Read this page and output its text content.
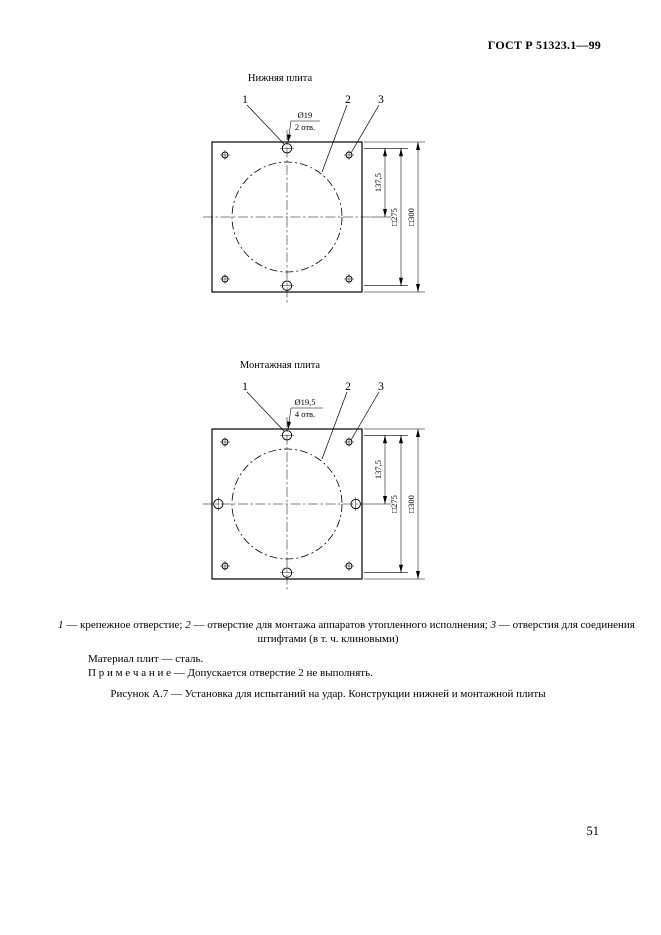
ГОСТ Р 51323.1—99
Нижняя плита
1	2 3
Ø19
2 отв.
137,5
□275 □300
Монтажная плита
1	2 3
Ø19,5
4 отв.
137,5
□275 □300
1 — крепежное отверстие; 2 — отверстие для монтажа аппаратов утопленного исполнения; 3 — отверстия для соединения
штифтами (в т. ч. клиновыми)
Материал плит — сталь.
П р и м е ч а н и е — Допускается отверстие 2 не выполнять.
Рисунок А.7 — Установка для испытаний на удар. Конструкции нижней и монтажной плиты
51
